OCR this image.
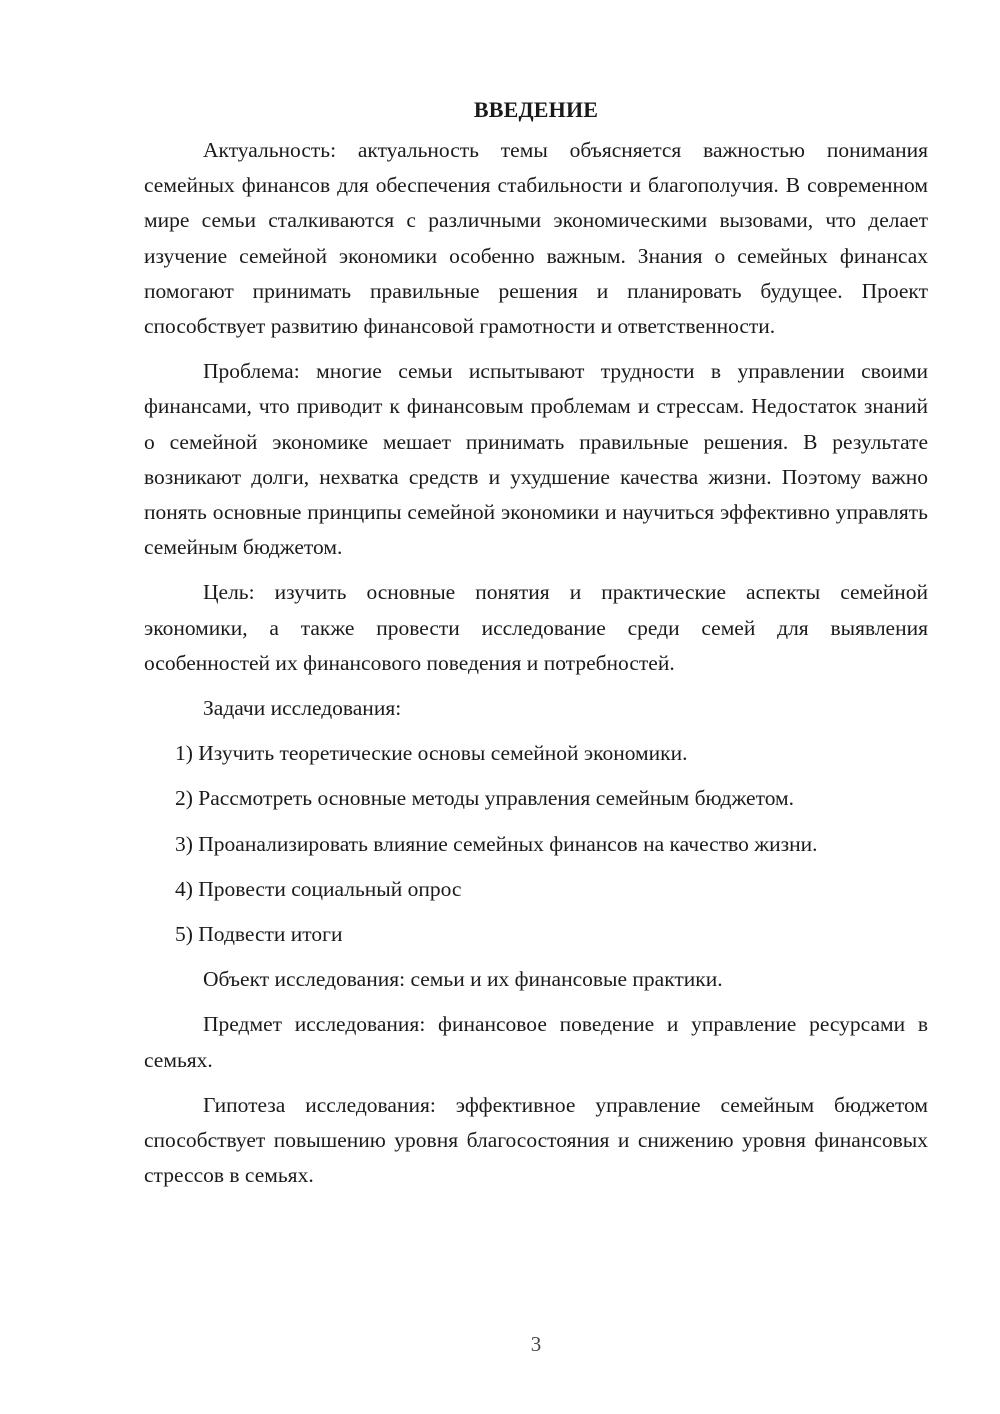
ВВЕДЕНИЕ

Актуальность: актуальность темы объясняется важностью понимания семейных финансов для обеспечения стабильности и благополучия. В современном мире семьи сталкиваются с различными экономическими вызовами, что делает изучение семейной экономики особенно важным. Знания о семейных финансах помогают принимать правильные решения и планировать будущее. Проект способствует развитию финансовой грамотности и ответственности.

Проблема: многие семьи испытывают трудности в управлении своими финансами, что приводит к финансовым проблемам и стрессам. Недостаток знаний о семейной экономике мешает принимать правильные решения. В результате возникают долги, нехватка средств и ухудшение качества жизни. Поэтому важно понять основные принципы семейной экономики и научиться эффективно управлять семейным бюджетом.

Цель: изучить основные понятия и практические аспекты семейной экономики, а также провести исследование среди семей для выявления особенностей их финансового поведения и потребностей.

Задачи исследования:

1) Изучить теоретические основы семейной экономики.
2) Рассмотреть основные методы управления семейным бюджетом.
3) Проанализировать влияние семейных финансов на качество жизни.
4) Провести социальный опрос
5) Подвести итоги

Объект исследования: семьи и их финансовые практики.

Предмет исследования: финансовое поведение и управление ресурсами в семьях.

Гипотеза исследования: эффективное управление семейным бюджетом способствует повышению уровня благосостояния и снижению уровня финансовых стрессов в семьях.

3
